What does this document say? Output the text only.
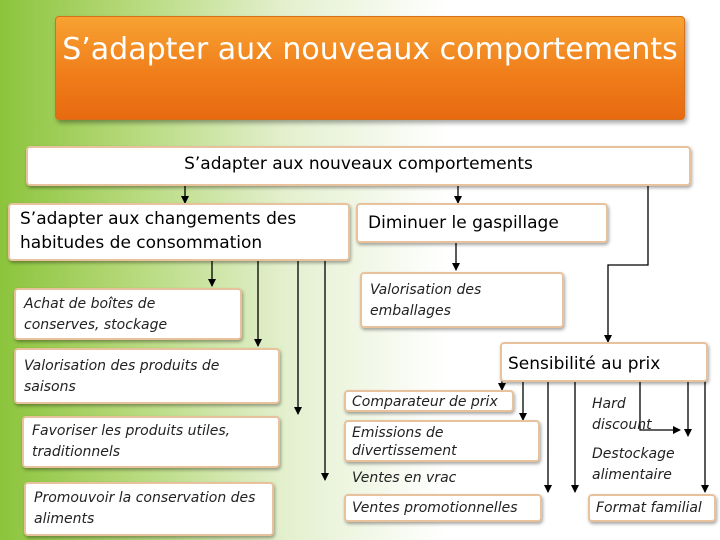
S’adapter aux nouveaux comportements
S’adapter aux nouveaux comportements
S’adapter aux changements des habitudes de consommation
Diminuer le gaspillage
Achat de boîtes de conserves, stockage
Valorisation des emballages
Valorisation des produits de saisons
Sensibilité au prix
Favoriser les produits utiles, traditionnels
Promouvoir la conservation des aliments
Comparateur de prix
Emissions de divertissement
Ventes en vrac
Ventes promotionnelles
Hard discount
Destockage alimentaire
Format familial
